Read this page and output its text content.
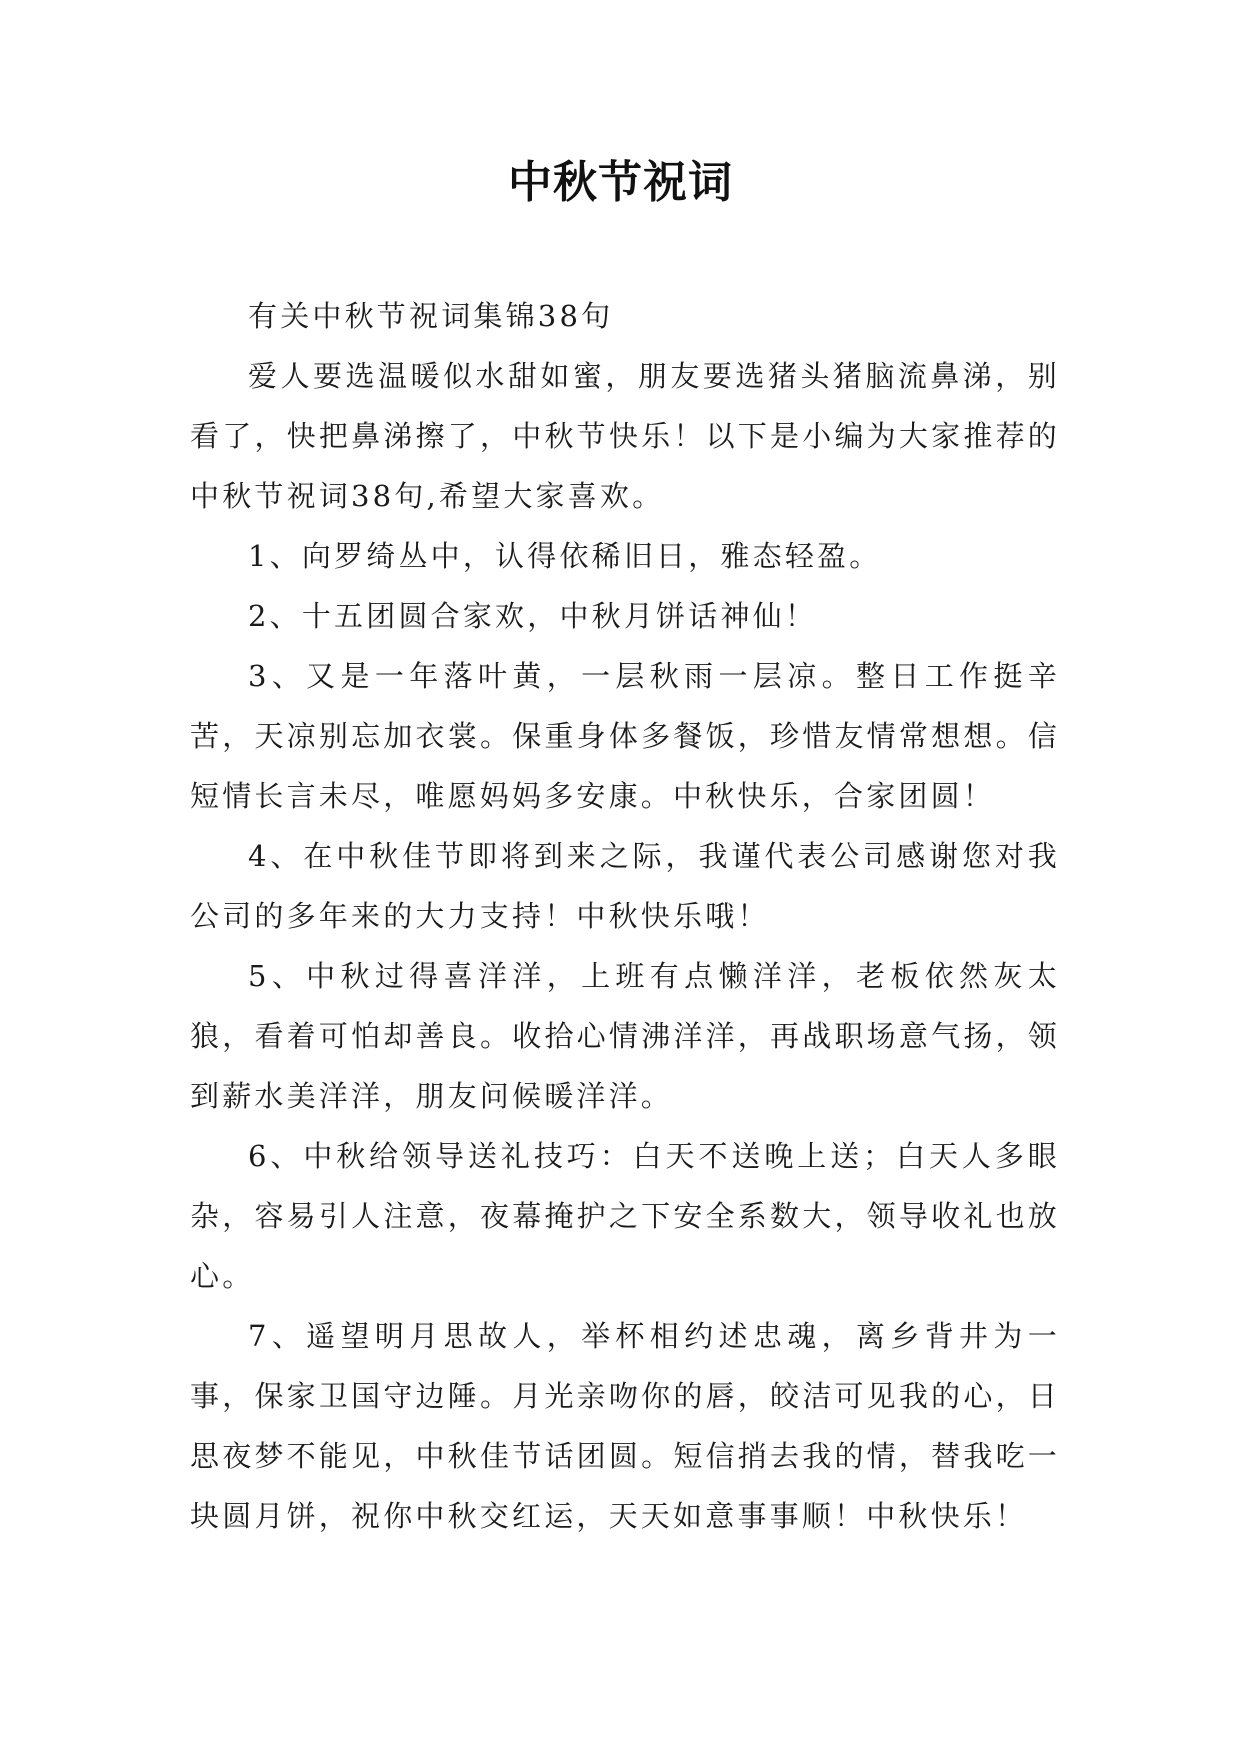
中秋节祝词

有关中秋节祝词集锦38句

爱人要选温暖似水甜如蜜，朋友要选猪头猪脑流鼻涕，别看了，快把鼻涕擦了，中秋节快乐！以下是小编为大家推荐的中秋节祝词38句,希望大家喜欢。

1、向罗绮丛中，认得依稀旧日，雅态轻盈。

2、十五团圆合家欢，中秋月饼话神仙！

3、又是一年落叶黄，一层秋雨一层凉。整日工作挺辛苦，天凉别忘加衣裳。保重身体多餐饭，珍惜友情常想想。信短情长言未尽，唯愿妈妈多安康。中秋快乐，合家团圆！

4、在中秋佳节即将到来之际，我谨代表公司感谢您对我公司的多年来的大力支持！中秋快乐哦！

5、中秋过得喜洋洋，上班有点懒洋洋，老板依然灰太狼，看着可怕却善良。收拾心情沸洋洋，再战职场意气扬，领到薪水美洋洋，朋友问候暖洋洋。

6、中秋给领导送礼技巧：白天不送晚上送；白天人多眼杂，容易引人注意，夜幕掩护之下安全系数大，领导收礼也放心。

7、遥望明月思故人，举杯相约述忠魂，离乡背井为一事，保家卫国守边陲。月光亲吻你的唇，皎洁可见我的心，日思夜梦不能见，中秋佳节话团圆。短信捎去我的情，替我吃一块圆月饼，祝你中秋交红运，天天如意事事顺！中秋快乐！
